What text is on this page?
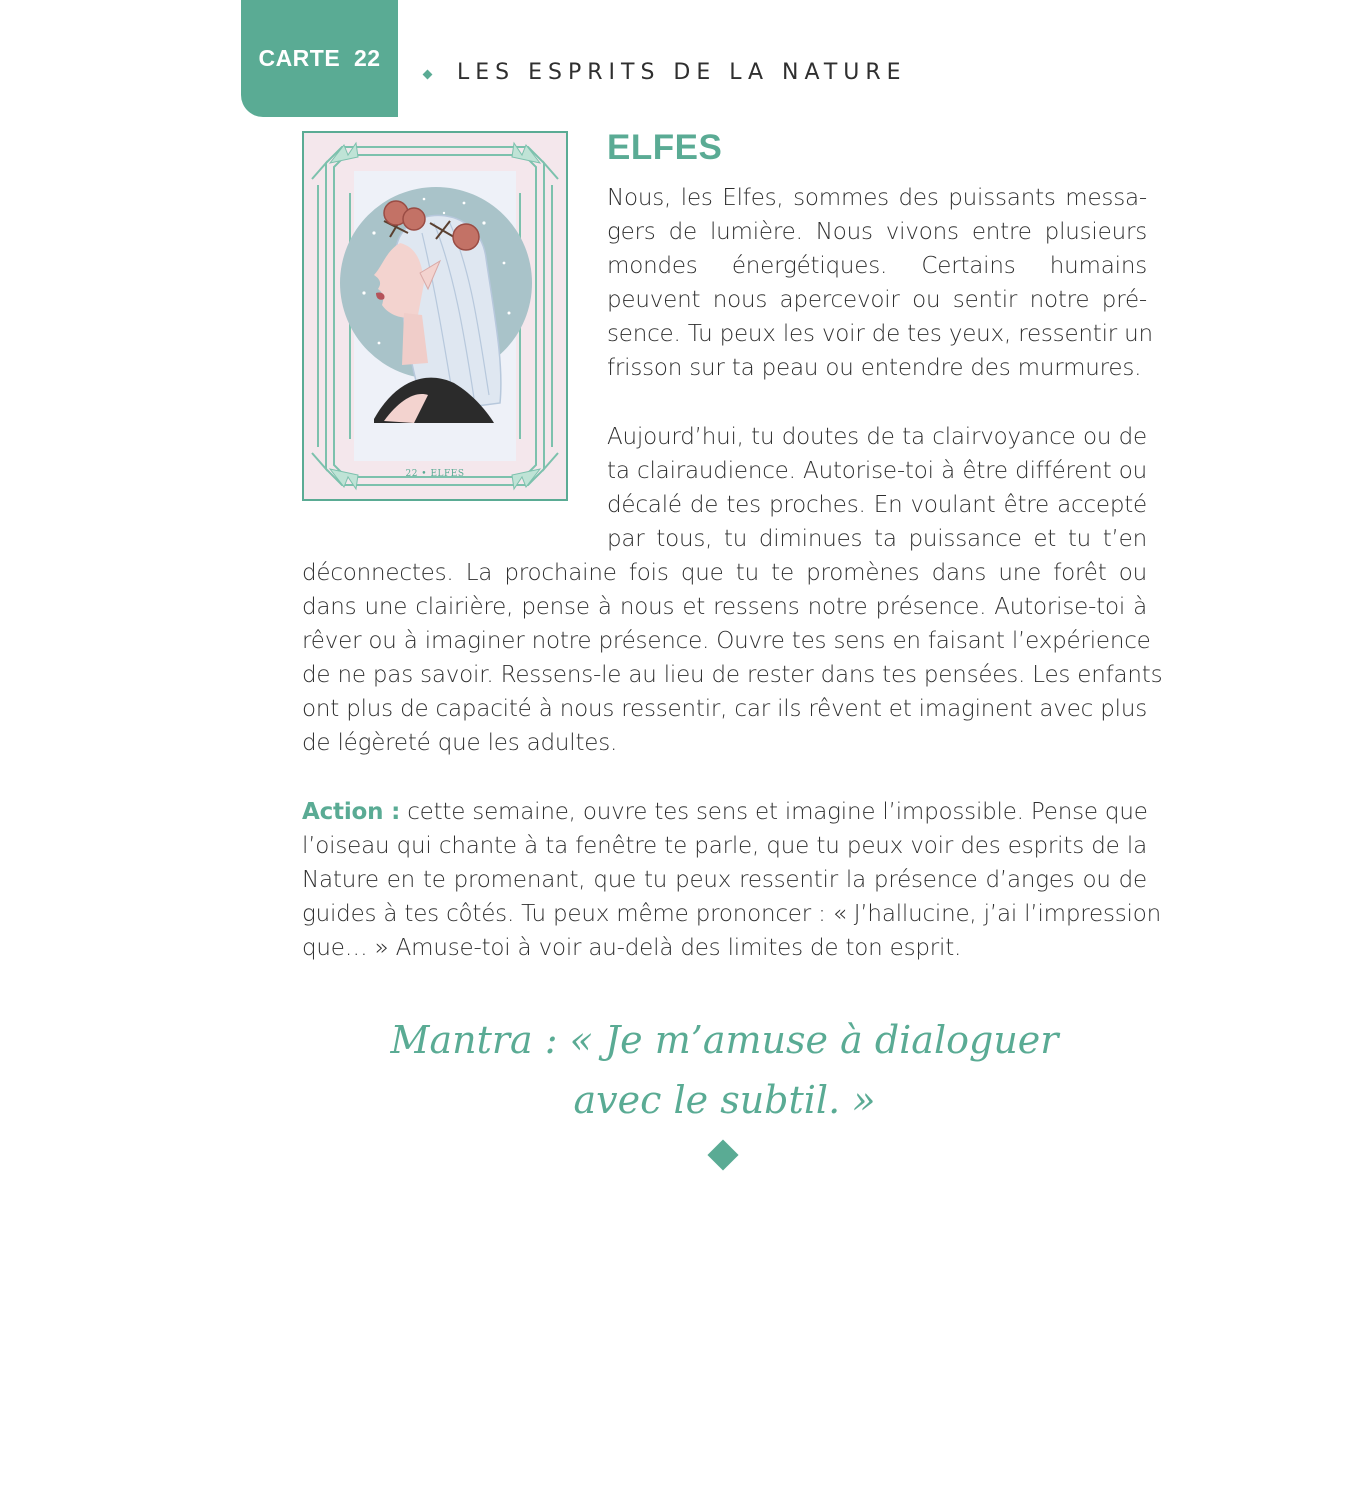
CARTE  22
LES ESPRITS DE LA NATURE
22 • ELFES
ELFES
Nous, les Elfes, sommes des puissants messa-
gers de lumière. Nous vivons entre plusieurs
mondes énergétiques. Certains humains
peuvent nous apercevoir ou sentir notre pré-
sence. Tu peux les voir de tes yeux, ressentir un
frisson sur ta peau ou entendre des murmures.
Aujourd’hui, tu doutes de ta clairvoyance ou de
ta clairaudience. Autorise-toi à être différent ou
décalé de tes proches. En voulant être accepté
par tous, tu diminues ta puissance et tu t’en
déconnectes. La prochaine fois que tu te promènes dans une forêt ou
dans une clairière, pense à nous et ressens notre présence. Autorise-toi à
rêver ou à imaginer notre présence. Ouvre tes sens en faisant l’expérience
de ne pas savoir. Ressens-le au lieu de rester dans tes pensées. Les enfants
ont plus de capacité à nous ressentir, car ils rêvent et imaginent avec plus
de légèreté que les adultes.
Action : cette semaine, ouvre tes sens et imagine l’impossible. Pense que
l’oiseau qui chante à ta fenêtre te parle, que tu peux voir des esprits de la
Nature en te promenant, que tu peux ressentir la présence d’anges ou de
guides à tes côtés. Tu peux même prononcer : « J’hallucine, j’ai l’impression
que… » Amuse-toi à voir au-delà des limites de ton esprit.
Mantra : « Je m’amuse à dialoguer
avec le subtil. »
